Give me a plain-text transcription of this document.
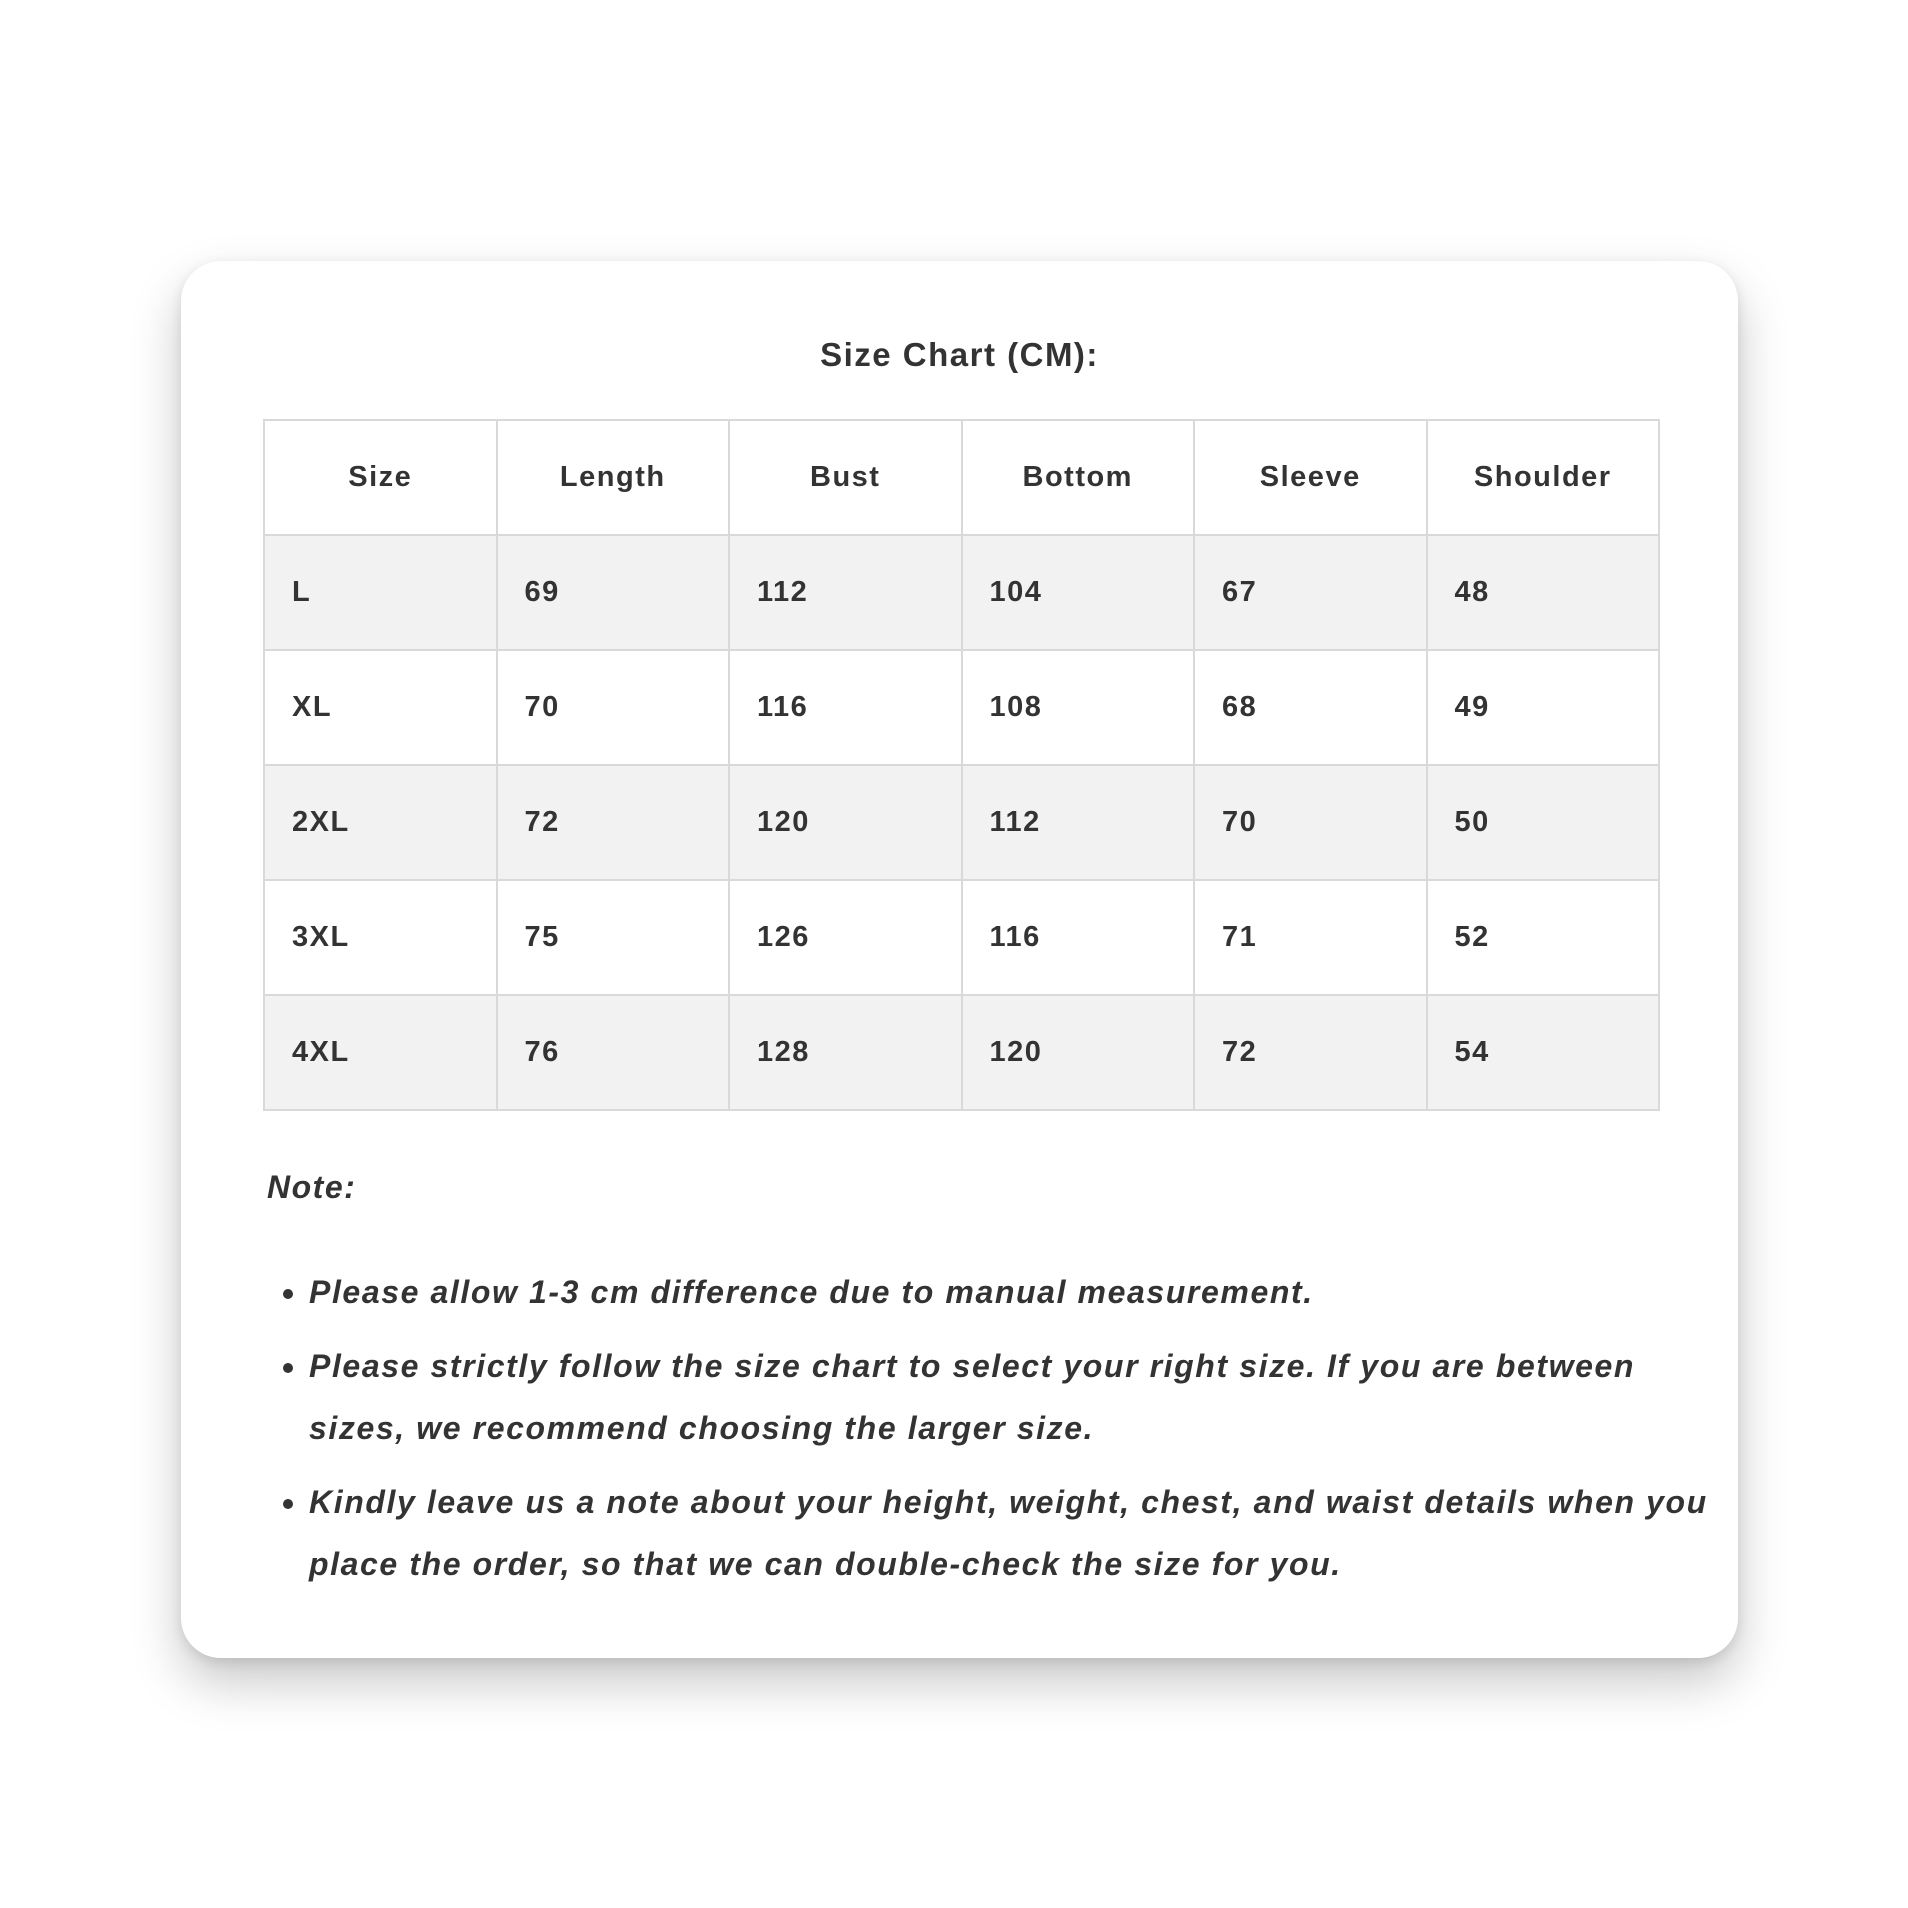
Size Chart (CM):
Size	Length	Bust	Bottom	Sleeve	Shoulder
L	69	112	104	67	48
XL	70	116	108	68	49
2XL	72	120	112	70	50
3XL	75	126	116	71	52
4XL	76	128	120	72	54
Note:
• Please allow 1-3 cm difference due to manual measurement.
• Please strictly follow the size chart to select your right size. If you are between sizes, we recommend choosing the larger size.
• Kindly leave us a note about your height, weight, chest, and waist details when you place the order, so that we can double-check the size for you.
